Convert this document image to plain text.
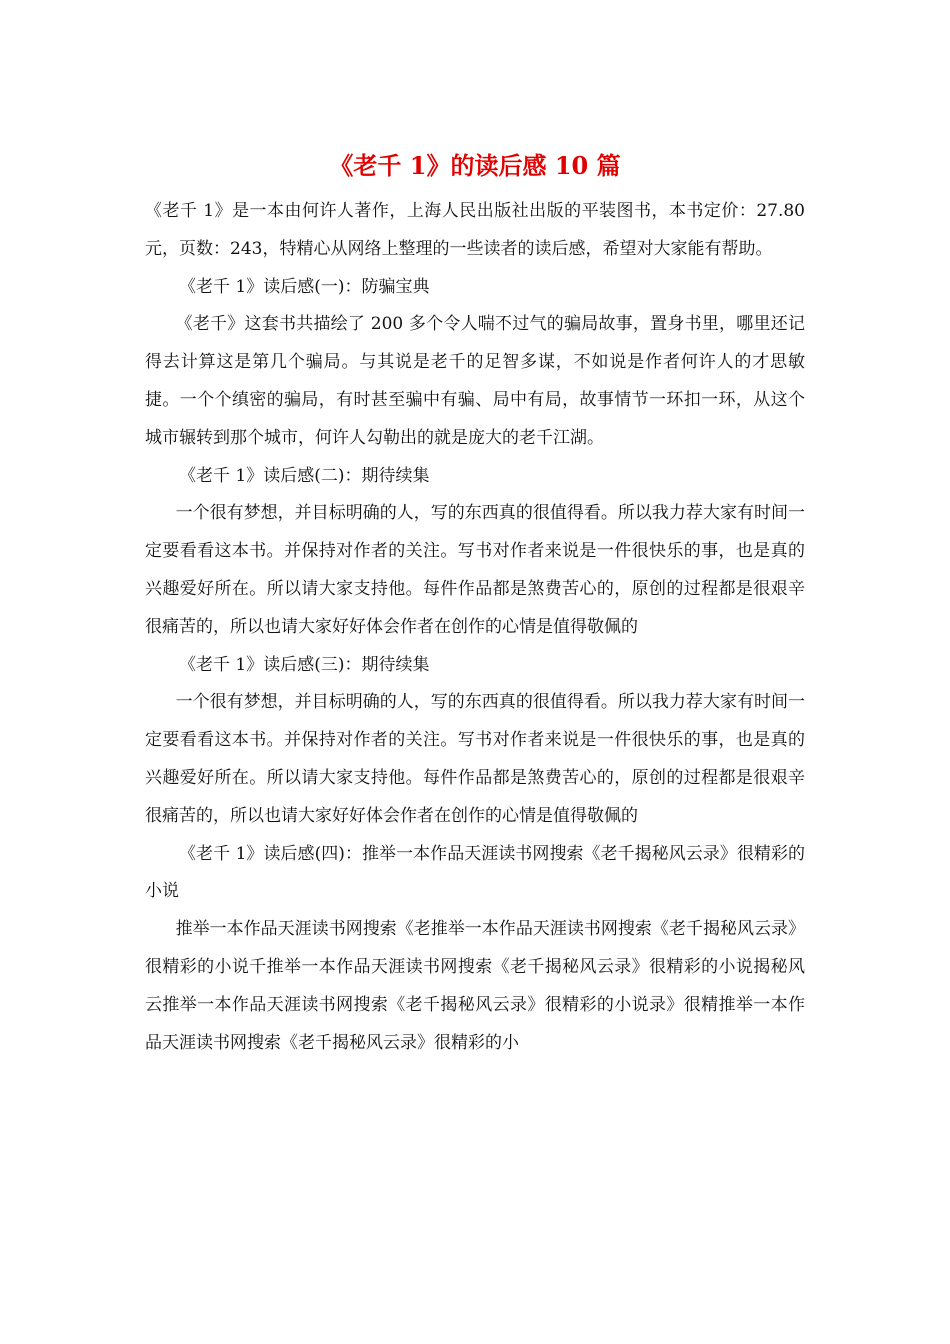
《老千 1》的读后感 10 篇

《老千 1》是一本由何许人著作，上海人民出版社出版的平装图书，本书定价：27.80 元，页数：243，特精心从网络上整理的一些读者的读后感，希望对大家能有帮助。

《老千 1》读后感(一)：防骗宝典

《老千》这套书共描绘了 200 多个令人喘不过气的骗局故事，置身书里，哪里还记得去计算这是第几个骗局。与其说是老千的足智多谋，不如说是作者何许人的才思敏捷。一个个缜密的骗局，有时甚至骗中有骗、局中有局，故事情节一环扣一环，从这个城市辗转到那个城市，何许人勾勒出的就是庞大的老千江湖。

《老千 1》读后感(二)：期待续集

一个很有梦想，并目标明确的人，写的东西真的很值得看。所以我力荐大家有时间一定要看看这本书。并保持对作者的关注。写书对作者来说是一件很快乐的事，也是真的兴趣爱好所在。所以请大家支持他。每件作品都是煞费苦心的，原创的过程都是很艰辛很痛苦的，所以也请大家好好体会作者在创作的心情是值得敬佩的

《老千 1》读后感(三)：期待续集

一个很有梦想，并目标明确的人，写的东西真的很值得看。所以我力荐大家有时间一定要看看这本书。并保持对作者的关注。写书对作者来说是一件很快乐的事，也是真的兴趣爱好所在。所以请大家支持他。每件作品都是煞费苦心的，原创的过程都是很艰辛很痛苦的，所以也请大家好好体会作者在创作的心情是值得敬佩的

《老千 1》读后感(四)：推举一本作品天涯读书网搜索《老千揭秘风云录》很精彩的小说

推举一本作品天涯读书网搜索《老推举一本作品天涯读书网搜索《老千揭秘风云录》很精彩的小说千推举一本作品天涯读书网搜索《老千揭秘风云录》很精彩的小说揭秘风云推举一本作品天涯读书网搜索《老千揭秘风云录》很精彩的小说录》很精推举一本作品天涯读书网搜索《老千揭秘风云录》很精彩的小
